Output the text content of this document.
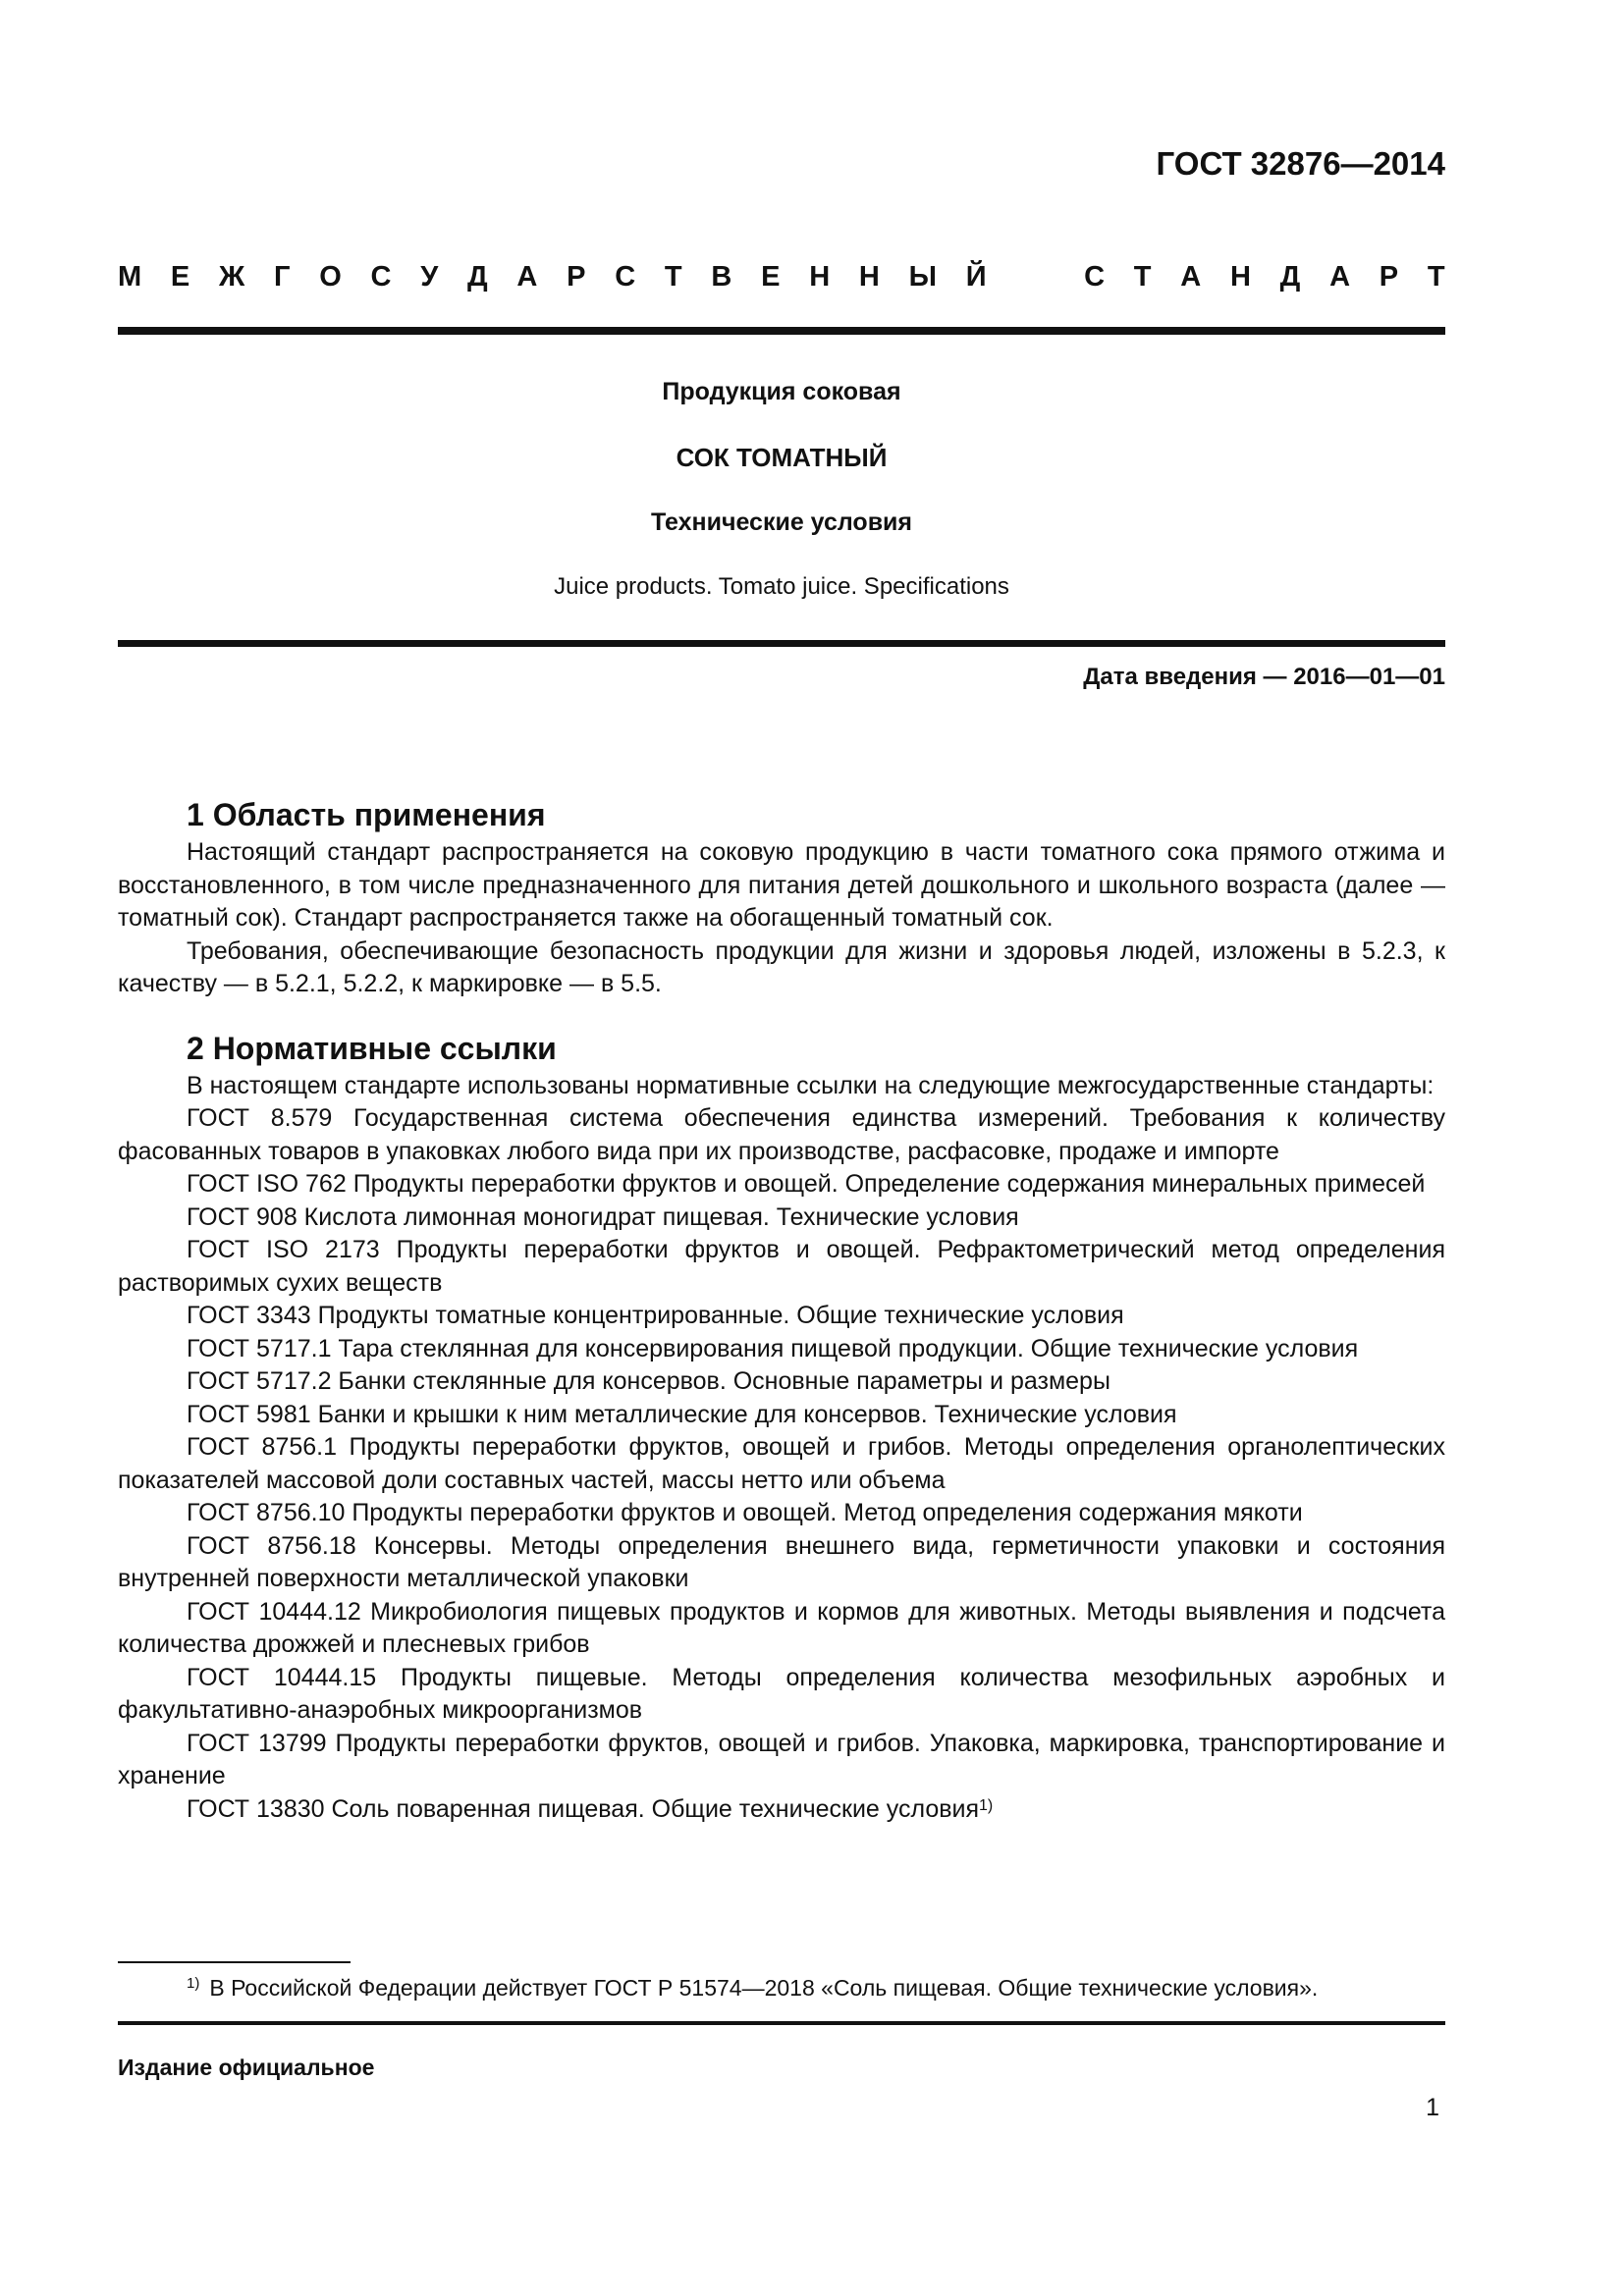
ГОСТ 32876—2014
М Е Ж Г О С У Д А Р С Т В Е Н Н Ы Й	С Т А Н Д А Р Т
Продукция соковая
СОК ТОМАТНЫЙ
Технические условия
Juice products. Tomato juice. Specifications
Дата введения — 2016—01—01
1 Область применения

Настоящий стандарт распространяется на соковую продукцию в части томатного сока прямого отжима и восстановленного, в том числе предназначенного для питания детей дошкольного и школьного возраста (далее — томатный сок). Стандарт распространяется также на обогащенный томатный сок.

Требования, обеспечивающие безопасность продукции для жизни и здоровья людей, изложены в 5.2.3, к качеству — в 5.2.1, 5.2.2, к маркировке — в 5.5.

2 Нормативные ссылки

В настоящем стандарте использованы нормативные ссылки на следующие межгосударственные стандарты:

ГОСТ 8.579 Государственная система обеспечения единства измерений. Требования к количеству фасованных товаров в упаковках любого вида при их производстве, расфасовке, продаже и импорте

ГОСТ ISO 762 Продукты переработки фруктов и овощей. Определение содержания минеральных примесей

ГОСТ 908 Кислота лимонная моногидрат пищевая. Технические условия

ГОСТ ISO 2173 Продукты переработки фруктов и овощей. Рефрактометрический метод определения растворимых сухих веществ

ГОСТ 3343 Продукты томатные концентрированные. Общие технические условия

ГОСТ 5717.1 Тара стеклянная для консервирования пищевой продукции. Общие технические условия

ГОСТ 5717.2 Банки стеклянные для консервов. Основные параметры и размеры

ГОСТ 5981 Банки и крышки к ним металлические для консервов. Технические условия

ГОСТ 8756.1 Продукты переработки фруктов, овощей и грибов. Методы определения органолептических показателей массовой доли составных частей, массы нетто или объема

ГОСТ 8756.10 Продукты переработки фруктов и овощей. Метод определения содержания мякоти

ГОСТ 8756.18 Консервы. Методы определения внешнего вида, герметичности упаковки и состояния внутренней поверхности металлической упаковки

ГОСТ 10444.12 Микробиология пищевых продуктов и кормов для животных. Методы выявления и подсчета количества дрожжей и плесневых грибов

ГОСТ 10444.15 Продукты пищевые. Методы определения количества мезофильных аэробных и факультативно-анаэробных микроорганизмов

ГОСТ 13799 Продукты переработки фруктов, овощей и грибов. Упаковка, маркировка, транспортирование и хранение

ГОСТ 13830 Соль поваренная пищевая. Общие технические условия$^{1)}$

$^{1)}$ В Российской Федерации действует ГОСТ Р 51574—2018 «Соль пищевая. Общие технические условия».
Издание официальное
1
